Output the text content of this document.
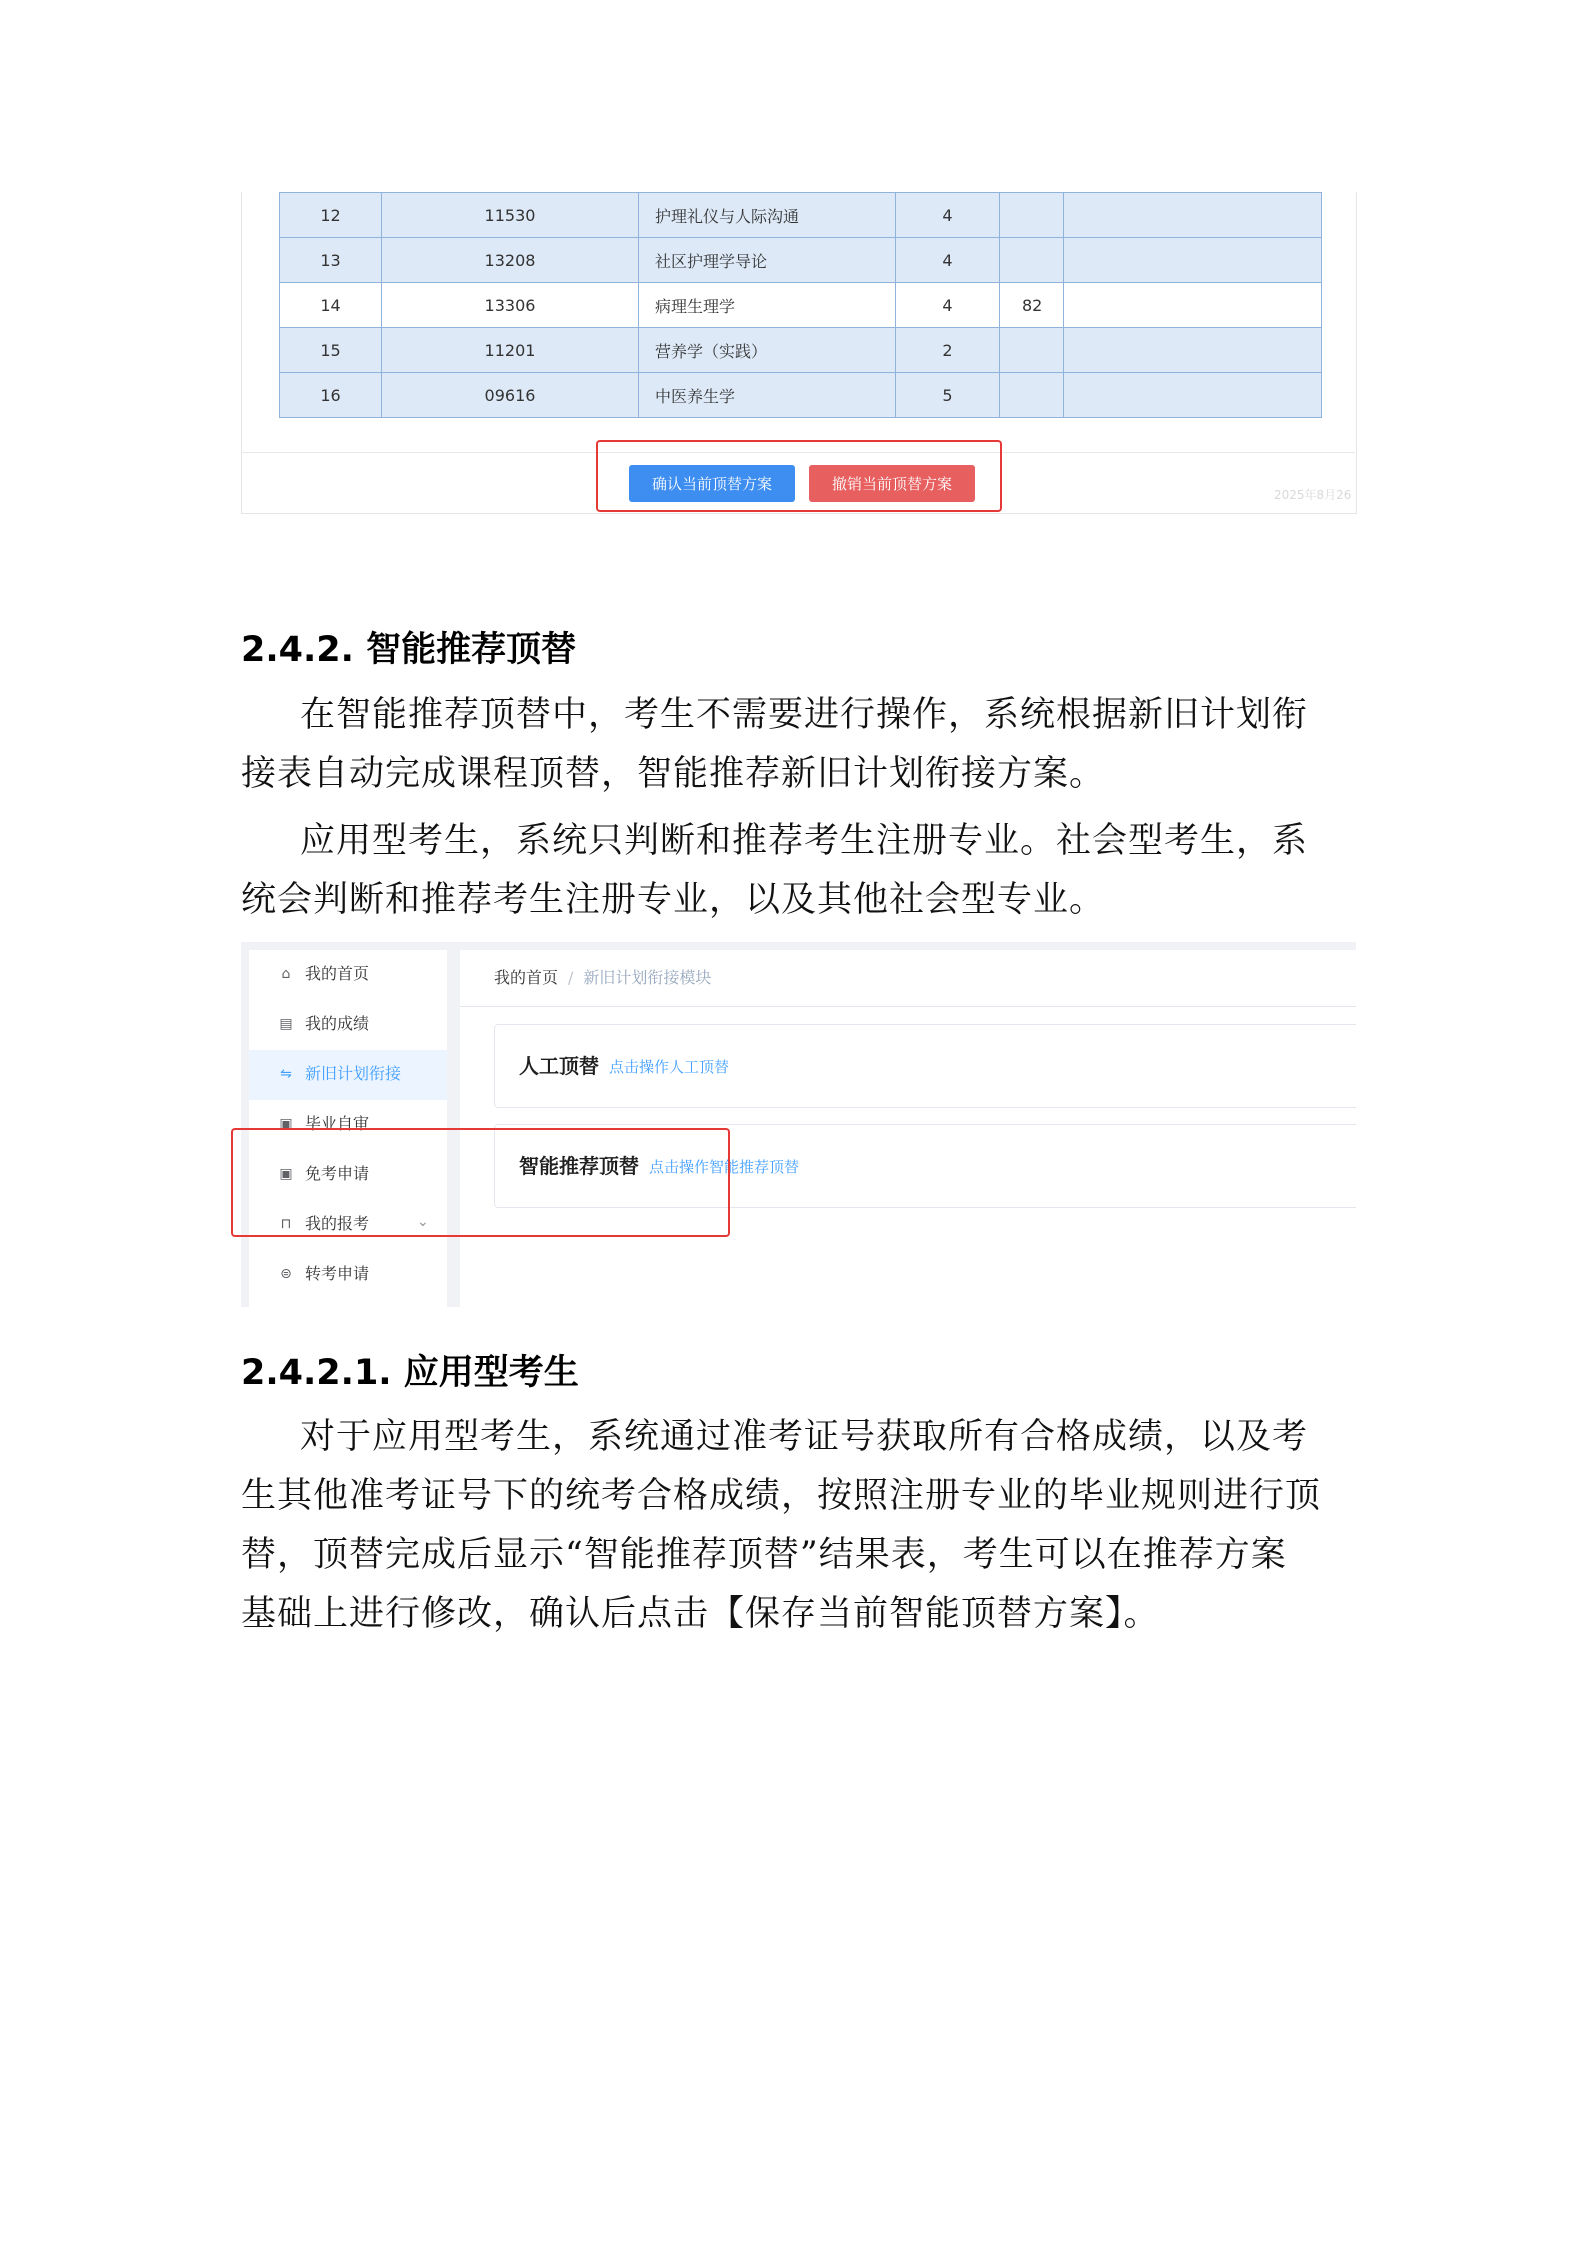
12	11530	护理礼仪与人际沟通	4		
13	13208	社区护理学导论	4		
14	13306	病理生理学	4	82	
15	11201	营养学（实践）	2		
16	09616	中医养生学	5		
确认当前顶替方案	撤销当前顶替方案
2025年8月26
2.4.2. 智能推荐顶替
在智能推荐顶替中，考生不需要进行操作，系统根据新旧计划衔
接表自动完成课程顶替，智能推荐新旧计划衔接方案。
应用型考生，系统只判断和推荐考生注册专业。社会型考生，系
统会判断和推荐考生注册专业，以及其他社会型专业。
⌂ 我的首页
▤ 我的成绩
⇋ 新旧计划衔接
▣ 毕业自审
▣ 免考申请
⊓ 我的报考	⌄
⊜ 转考申请
我的首页 / 新旧计划衔接模块
人工顶替 点击操作人工顶替
智能推荐顶替 点击操作智能推荐顶替
2.4.2.1. 应用型考生
对于应用型考生，系统通过准考证号获取所有合格成绩，以及考
生其他准考证号下的统考合格成绩，按照注册专业的毕业规则进行顶
替，顶替完成后显示“智能推荐顶替”结果表，考生可以在推荐方案
基础上进行修改，确认后点击【保存当前智能顶替方案】。
